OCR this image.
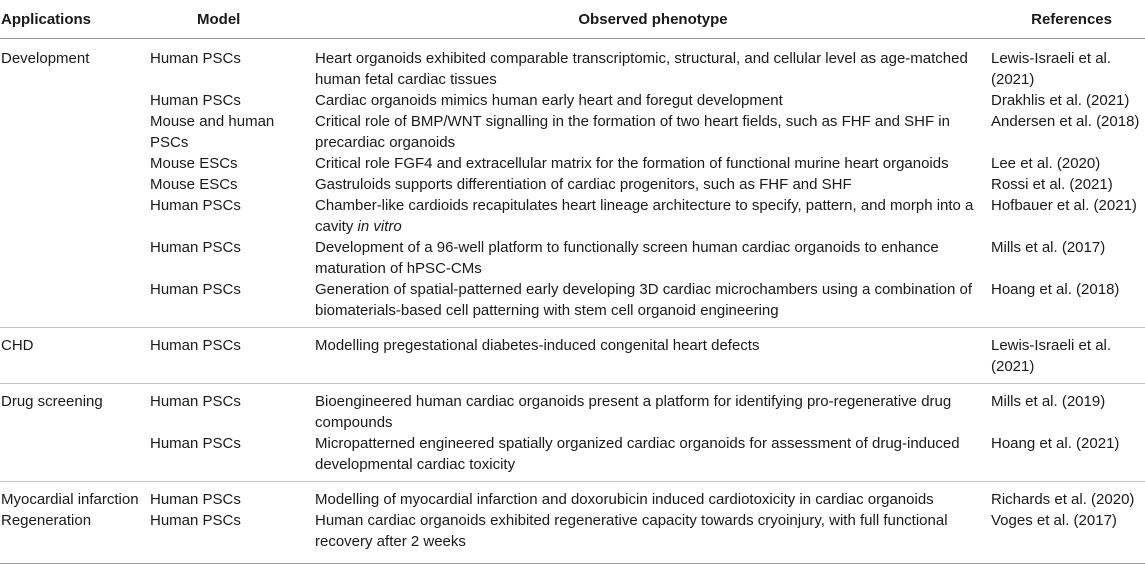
Applications	Model	Observed phenotype	References
Development	Human PSCs	Heart organoids exhibited comparable transcriptomic, structural, and cellular level as age-matched human fetal cardiac tissues	Lewis-Israeli et al. (2021)
	Human PSCs	Cardiac organoids mimics human early heart and foregut development	Drakhlis et al. (2021)
	Mouse and human PSCs	Critical role of BMP/WNT signalling in the formation of two heart fields, such as FHF and SHF in precardiac organoids	Andersen et al. (2018)
	Mouse ESCs	Critical role FGF4 and extracellular matrix for the formation of functional murine heart organoids	Lee et al. (2020)
	Mouse ESCs	Gastruloids supports differentiation of cardiac progenitors, such as FHF and SHF	Rossi et al. (2021)
	Human PSCs	Chamber-like cardioids recapitulates heart lineage architecture to specify, pattern, and morph into a cavity in vitro	Hofbauer et al. (2021)
	Human PSCs	Development of a 96-well platform to functionally screen human cardiac organoids to enhance maturation of hPSC-CMs	Mills et al. (2017)
	Human PSCs	Generation of spatial-patterned early developing 3D cardiac microchambers using a combination of biomaterials-based cell patterning with stem cell organoid engineering	Hoang et al. (2018)
CHD	Human PSCs	Modelling pregestational diabetes-induced congenital heart defects	Lewis-Israeli et al. (2021)
Drug screening	Human PSCs	Bioengineered human cardiac organoids present a platform for identifying pro-regenerative drug compounds	Mills et al. (2019)
	Human PSCs	Micropatterned engineered spatially organized cardiac organoids for assessment of drug-induced developmental cardiac toxicity	Hoang et al. (2021)
Myocardial infarction	Human PSCs	Modelling of myocardial infarction and doxorubicin induced cardiotoxicity in cardiac organoids	Richards et al. (2020)
Regeneration	Human PSCs	Human cardiac organoids exhibited regenerative capacity towards cryoinjury, with full functional recovery after 2 weeks	Voges et al. (2017)
